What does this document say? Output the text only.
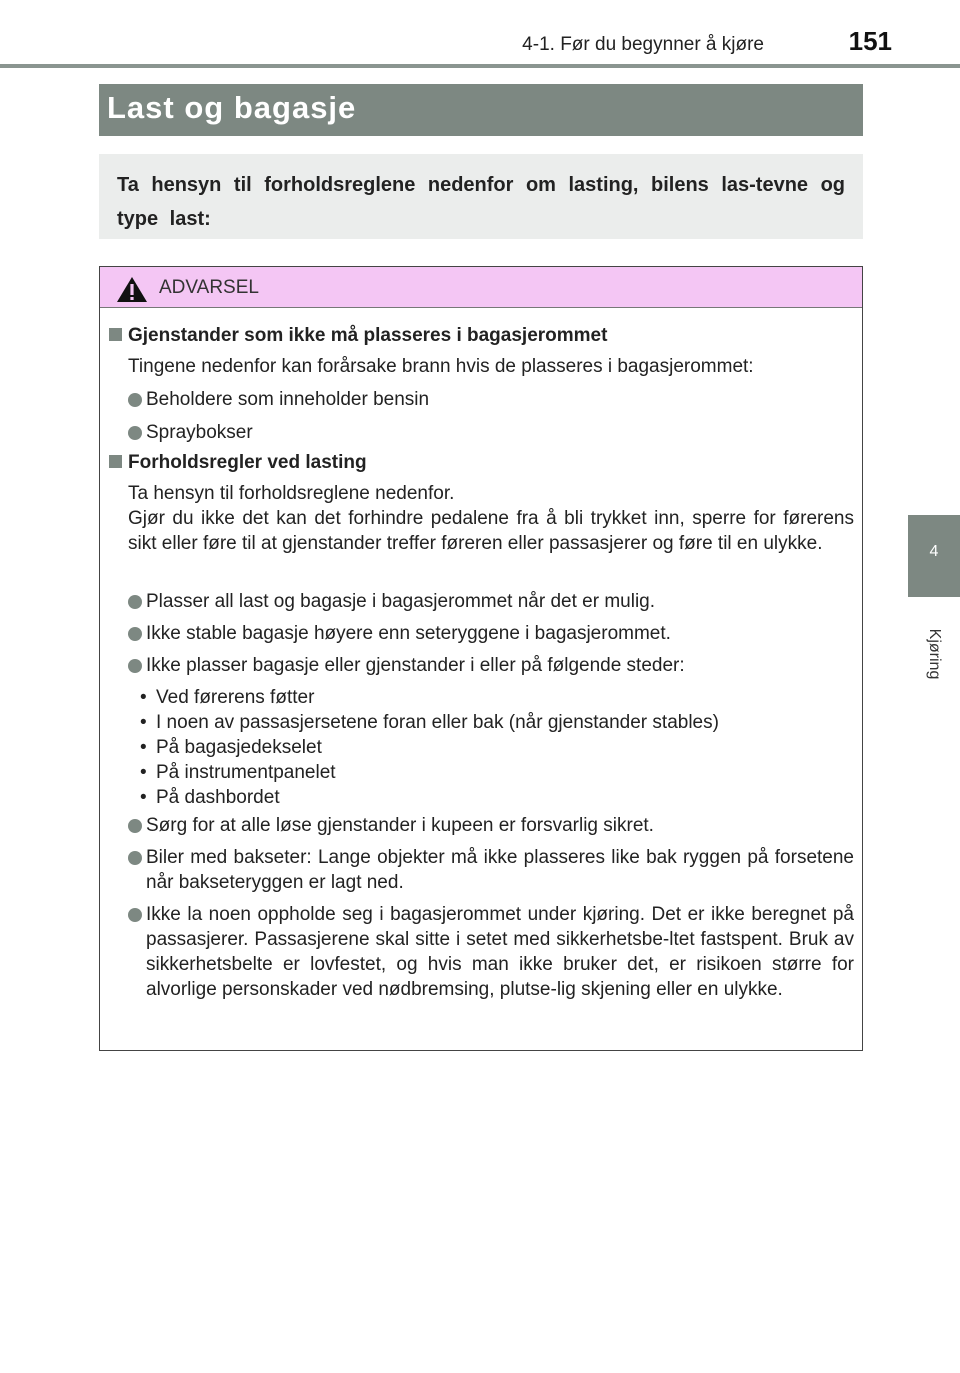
4-1. Før du begynner å kjøre	151
4
Kjøring
Last og bagasje
Ta hensyn til forholdsreglene nedenfor om lasting, bilens las-tevne og type last:
ADVARSEL
Gjenstander som ikke må plasseres i bagasjerommet
Tingene nedenfor kan forårsake brann hvis de plasseres i bagasjerommet:
Beholdere som inneholder bensin
Spraybokser
Forholdsregler ved lasting
Ta hensyn til forholdsreglene nedenfor.
Gjør du ikke det kan det forhindre pedalene fra å bli trykket inn, sperre for førerens sikt eller føre til at gjenstander treffer føreren eller passasjerer og føre til en ulykke.
Plasser all last og bagasje i bagasjerommet når det er mulig.
Ikke stable bagasje høyere enn seteryggene i bagasjerommet.
Ikke plasser bagasje eller gjenstander i eller på følgende steder:
• Ved førerens føtter
• I noen av passasjersetene foran eller bak (når gjenstander stables)
• På bagasjedekselet
• På instrumentpanelet
• På dashbordet
Sørg for at alle løse gjenstander i kupeen er forsvarlig sikret.
Biler med bakseter: Lange objekter må ikke plasseres like bak ryggen på forsetene når bakseteryggen er lagt ned.
Ikke la noen oppholde seg i bagasjerommet under kjøring. Det er ikke beregnet på passasjerer. Passasjerene skal sitte i setet med sikkerhetsbe-ltet fastspent. Bruk av sikkerhetsbelte er lovfestet, og hvis man ikke bruker det, er risikoen større for alvorlige personskader ved nødbremsing, plutse-lig skjening eller en ulykke.
